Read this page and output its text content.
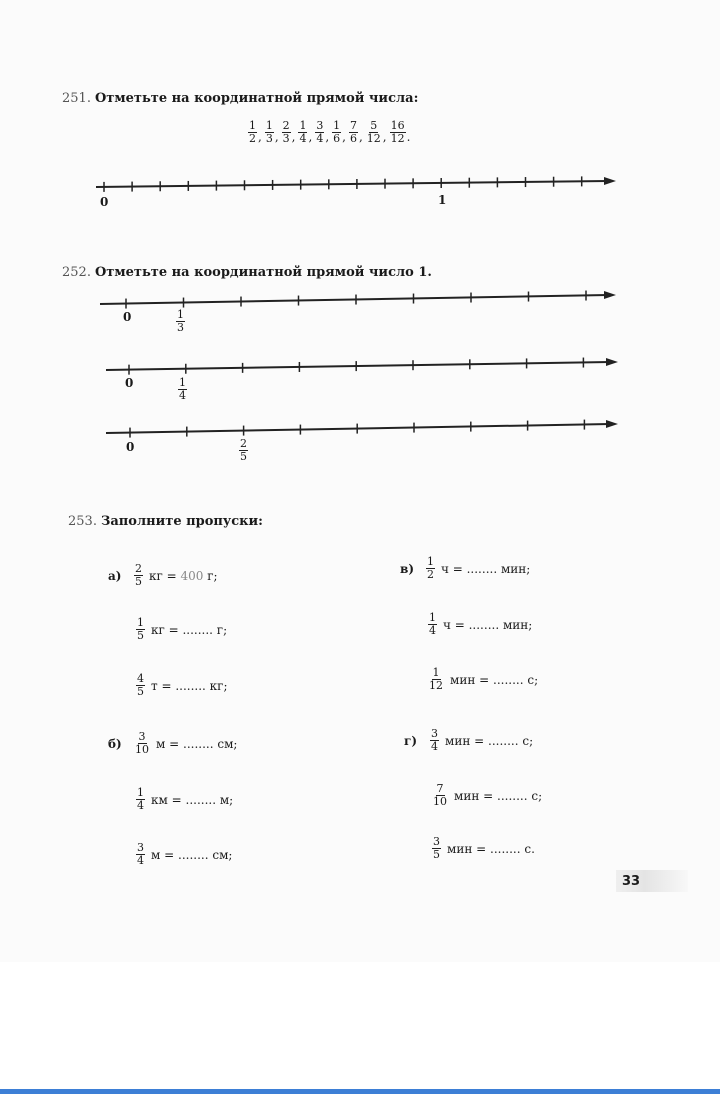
251. Отметьте на координатной прямой числа:
$\frac{1}{2}$ , $\frac{1}{3}$ , $\frac{2}{3}$ , $\frac{1}{4}$ , $\frac{3}{4}$ , $\frac{1}{6}$ , $\frac{7}{6}$ , $\frac{5}{12}$ , $\frac{16}{12}$ .
0	1
252. Отметьте на координатной прямой число 1.
0	$\frac{1}{3}$
0	$\frac{1}{4}$
0	$\frac{2}{5}$
253. Заполните пропуски:
а)	$\frac{2}{5}$ кг = 400 г;
$\frac{1}{5}$ кг = ........ г;
$\frac{4}{5}$ т = ........ кг;
б)	$\frac{3}{10}$ м = ........ см;
$\frac{1}{4}$ км = ........ м;
$\frac{3}{4}$ м = ........ см;
в)	$\frac{1}{2}$ ч = ........ мин;
$\frac{1}{4}$ ч = ........ мин;
$\frac{1}{12}$ мин = ........ с;
г)	$\frac{3}{4}$ мин = ........ с;
$\frac{7}{10}$ мин = ........ с;
$\frac{3}{5}$ мин = ........ с.
33
